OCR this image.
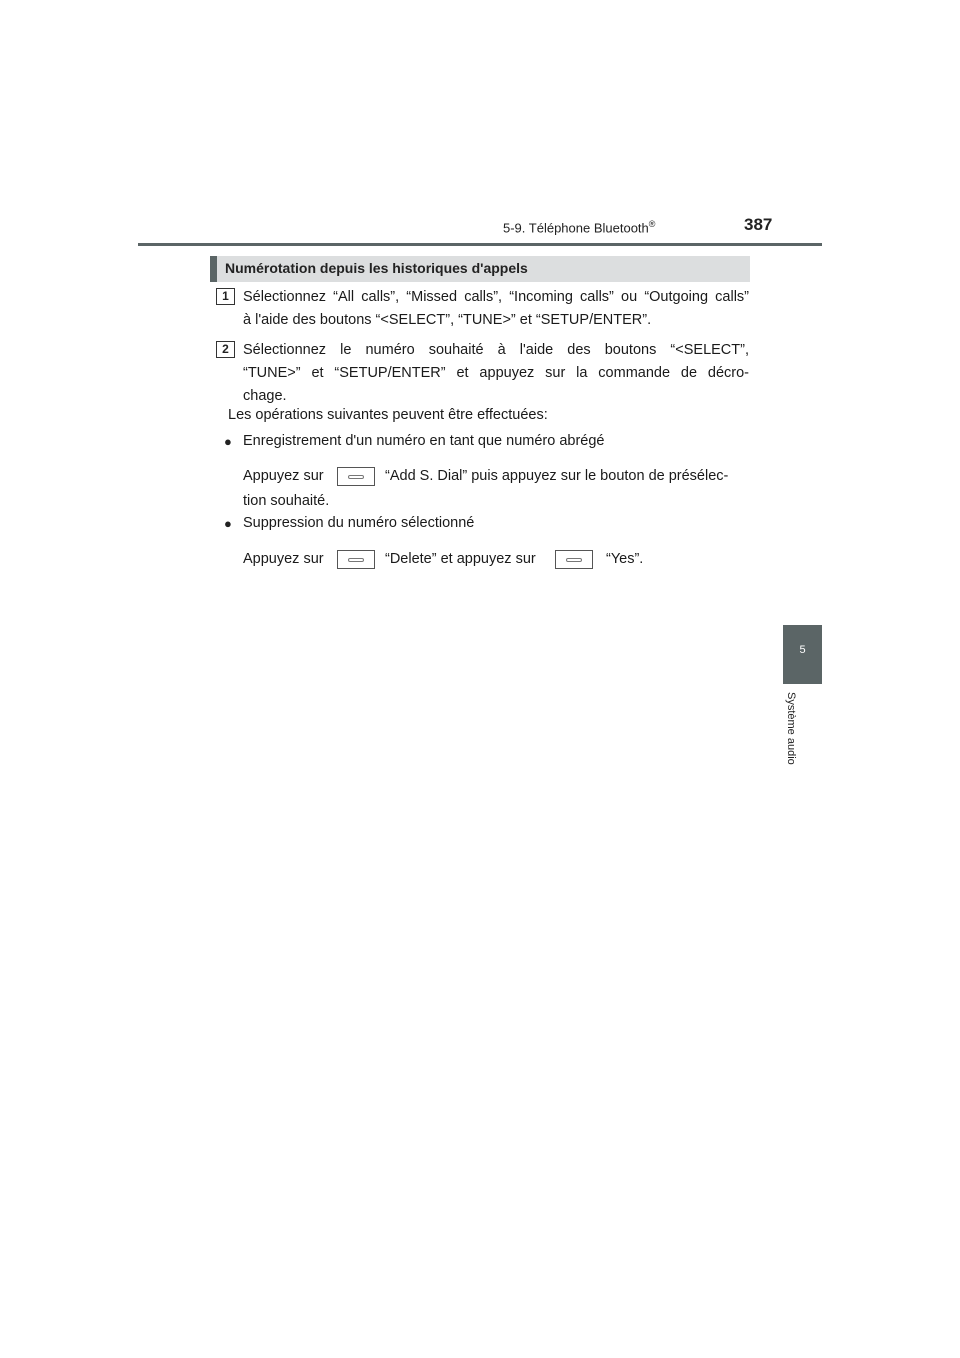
5-9. Téléphone Bluetooth®	387
5
Système audio
Numérotation depuis les historiques d'appels
1 Sélectionnez “All calls”, “Missed calls”, “Incoming calls” ou “Outgoing calls”
à l'aide des boutons “<SELECT”, “TUNE>” et “SETUP/ENTER”.
2 Sélectionnez le numéro souhaité à l'aide des boutons “<SELECT”,
“TUNE>” et “SETUP/ENTER” et appuyez sur la commande de décro-
chage.
Les opérations suivantes peuvent être effectuées:
● Enregistrement d'un numéro en tant que numéro abrégé
Appuyez sur	“Add S. Dial” puis appuyez sur le bouton de présélec-
tion souhaité.
● Suppression du numéro sélectionné
Appuyez sur	“Delete” et appuyez sur	“Yes”.
